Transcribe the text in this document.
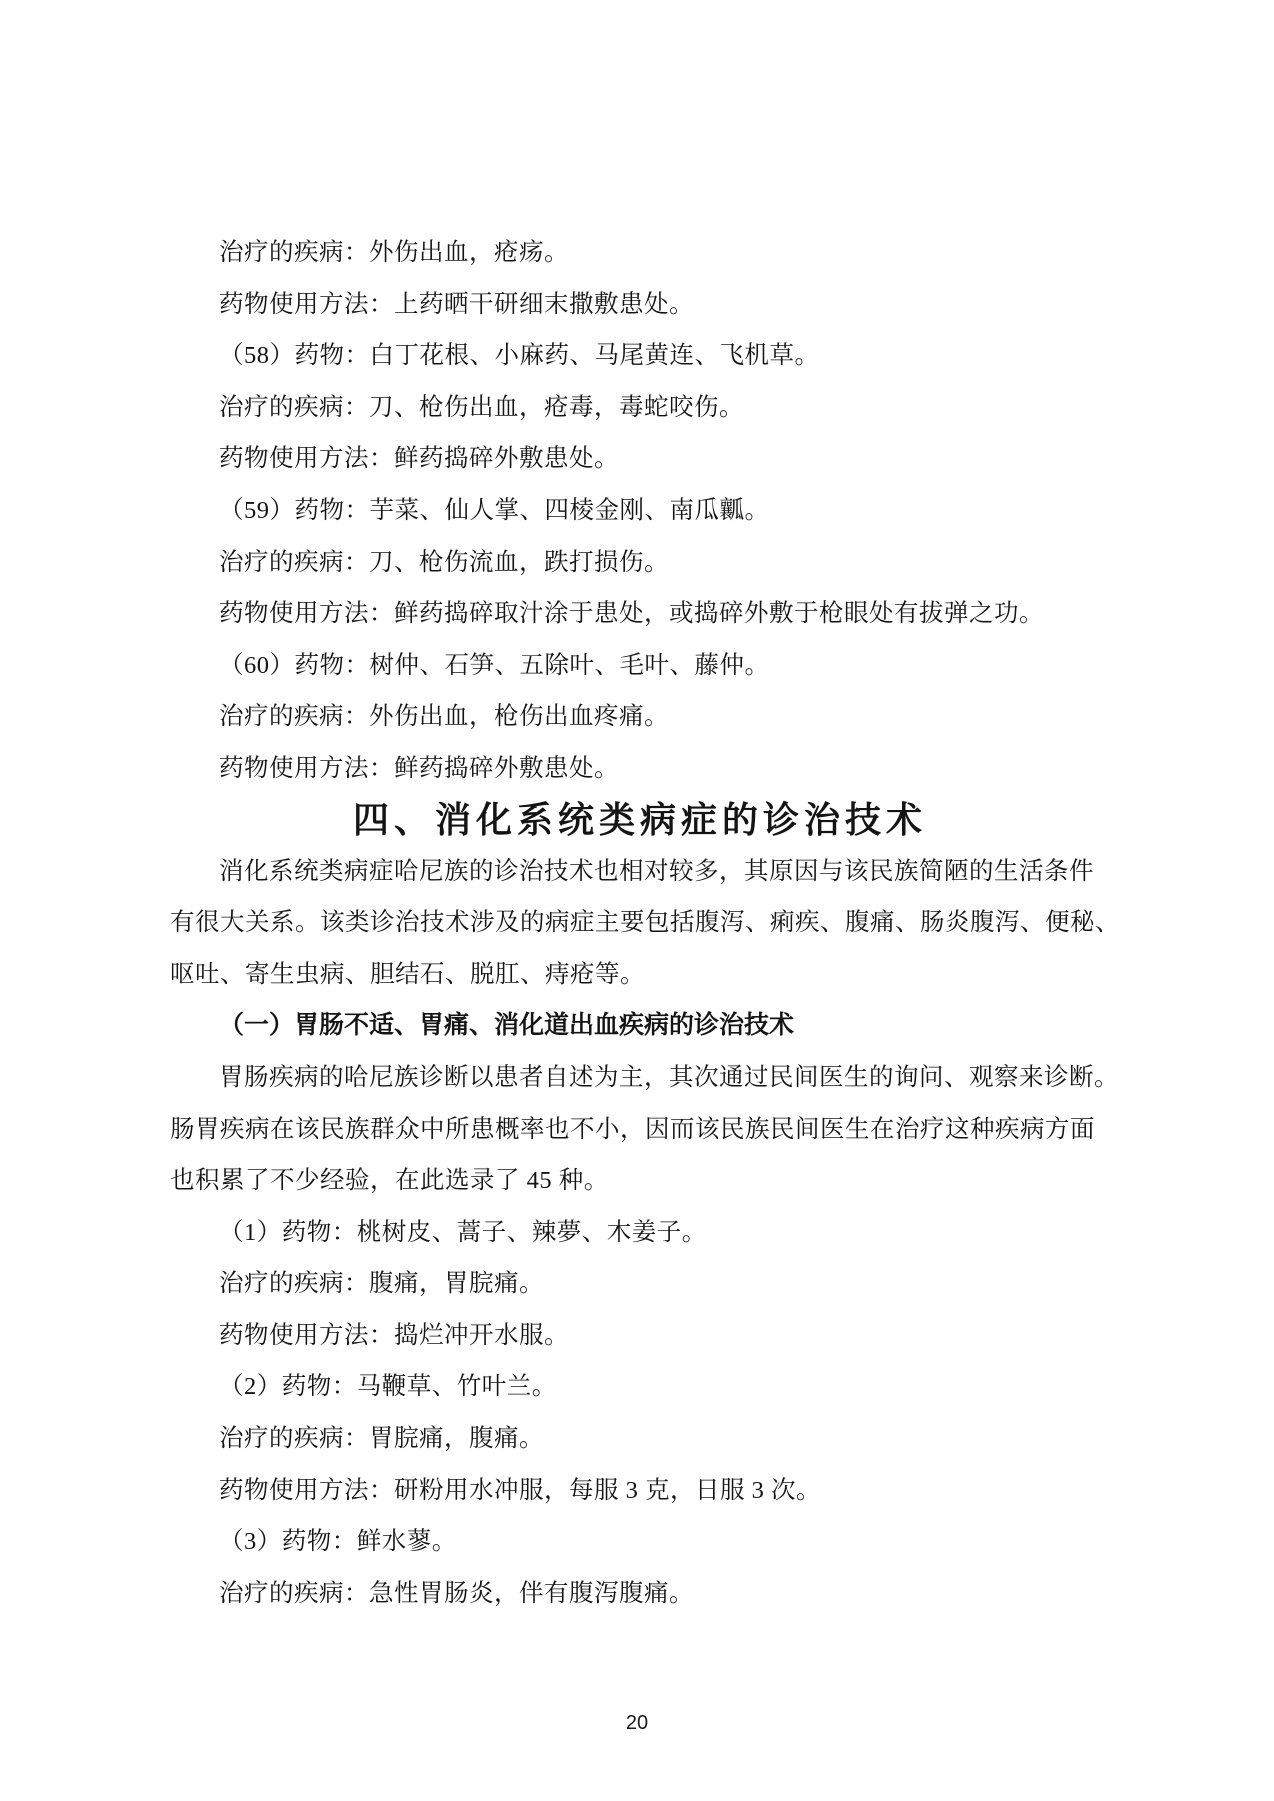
治疗的疾病：外伤出血，疮疡。
药物使用方法：上药晒干研细末撒敷患处。
（58）药物：白丁花根、小麻药、马尾黄连、飞机草。
治疗的疾病：刀、枪伤出血，疮毒，毒蛇咬伤。
药物使用方法：鲜药捣碎外敷患处。
（59）药物：芋菜、仙人掌、四棱金刚、南瓜瓤。
治疗的疾病：刀、枪伤流血，跌打损伤。
药物使用方法：鲜药捣碎取汁涂于患处，或捣碎外敷于枪眼处有拔弹之功。
（60）药物：树仲、石笋、五除叶、毛叶、藤仲。
治疗的疾病：外伤出血，枪伤出血疼痛。
药物使用方法：鲜药捣碎外敷患处。
四、消化系统类病症的诊治技术
消化系统类病症哈尼族的诊治技术也相对较多，其原因与该民族简陋的生活条件
有很大关系。该类诊治技术涉及的病症主要包括腹泻、痢疾、腹痛、肠炎腹泻、便秘、
呕吐、寄生虫病、胆结石、脱肛、痔疮等。
（一）胃肠不适、胃痛、消化道出血疾病的诊治技术
胃肠疾病的哈尼族诊断以患者自述为主，其次通过民间医生的询问、观察来诊断。
肠胃疾病在该民族群众中所患概率也不小，因而该民族民间医生在治疗这种疾病方面
也积累了不少经验，在此选录了 45 种。
（1）药物：桃树皮、蒿子、辣夢、木姜子。
治疗的疾病：腹痛，胃脘痛。
药物使用方法：捣烂冲开水服。
（2）药物：马鞭草、竹叶兰。
治疗的疾病：胃脘痛，腹痛。
药物使用方法：研粉用水冲服，每服 3 克，日服 3 次。
（3）药物：鲜水蓼。
治疗的疾病：急性胃肠炎，伴有腹泻腹痛。
20
